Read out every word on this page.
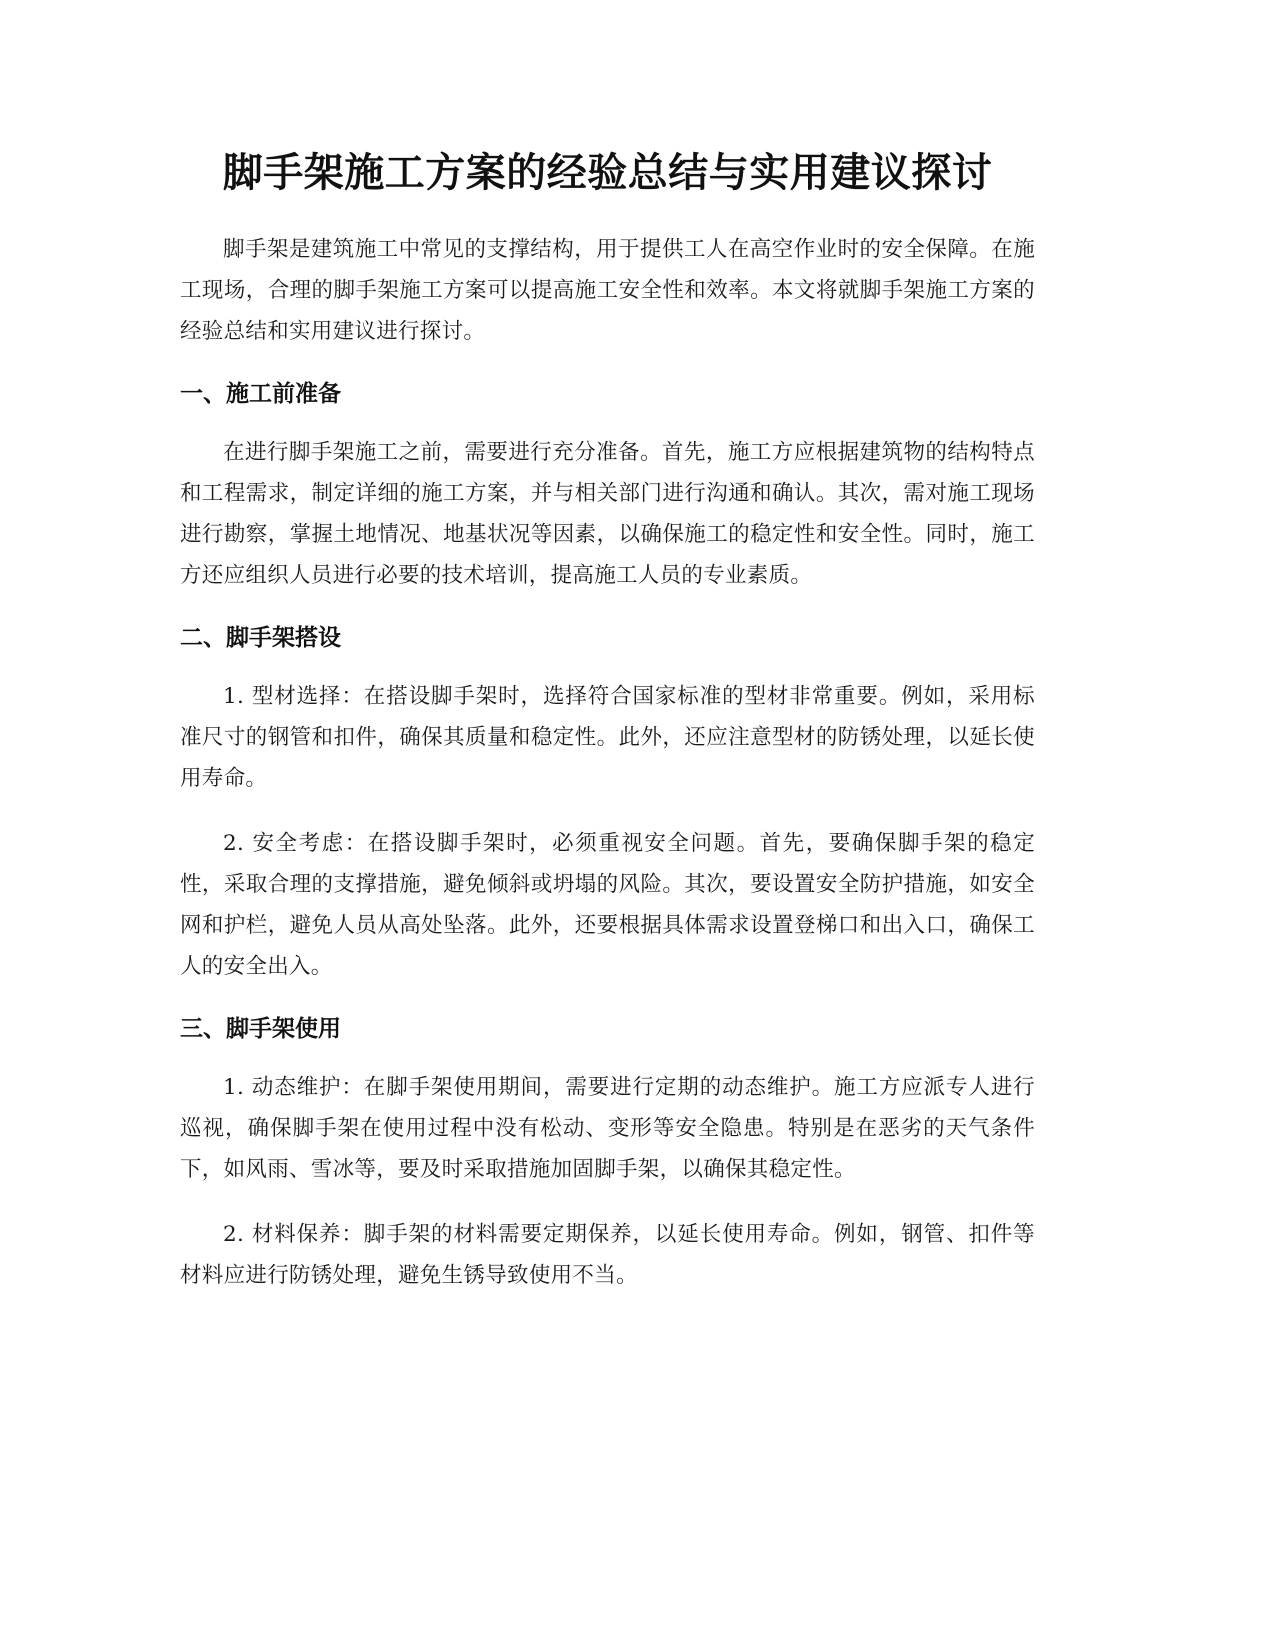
脚手架施工方案的经验总结与实用建议探讨

脚手架是建筑施工中常见的支撑结构，用于提供工人在高空作业时的安全保障。在施工现场，合理的脚手架施工方案可以提高施工安全性和效率。本文将就脚手架施工方案的经验总结和实用建议进行探讨。

一、施工前准备

在进行脚手架施工之前，需要进行充分准备。首先，施工方应根据建筑物的结构特点和工程需求，制定详细的施工方案，并与相关部门进行沟通和确认。其次，需对施工现场进行勘察，掌握土地情况、地基状况等因素，以确保施工的稳定性和安全性。同时，施工方还应组织人员进行必要的技术培训，提高施工人员的专业素质。

二、脚手架搭设

1. 型材选择：在搭设脚手架时，选择符合国家标准的型材非常重要。例如，采用标准尺寸的钢管和扣件，确保其质量和稳定性。此外，还应注意型材的防锈处理，以延长使用寿命。

2. 安全考虑：在搭设脚手架时，必须重视安全问题。首先，要确保脚手架的稳定性，采取合理的支撑措施，避免倾斜或坍塌的风险。其次，要设置安全防护措施，如安全网和护栏，避免人员从高处坠落。此外，还要根据具体需求设置登梯口和出入口，确保工人的安全出入。

三、脚手架使用

1. 动态维护：在脚手架使用期间，需要进行定期的动态维护。施工方应派专人进行巡视，确保脚手架在使用过程中没有松动、变形等安全隐患。特别是在恶劣的天气条件下，如风雨、雪冰等，要及时采取措施加固脚手架，以确保其稳定性。

2. 材料保养：脚手架的材料需要定期保养，以延长使用寿命。例如，钢管、扣件等材料应进行防锈处理，避免生锈导致使用不当。
